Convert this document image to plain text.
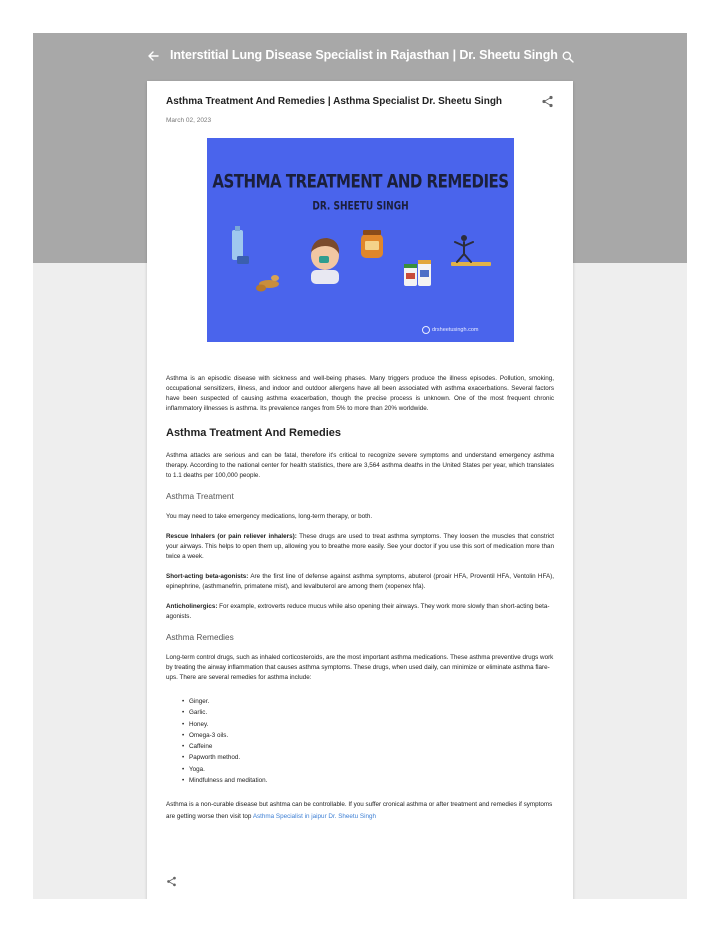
Interstitial Lung Disease Specialist in Rajasthan | Dr. Sheetu Singh
Asthma Treatment And Remedies | Asthma Specialist Dr. Sheetu Singh
March 02, 2023
ASTHMA TREATMENT AND REMEDIES
DR. SHEETU SINGH
drsheetusingh.com

Asthma is an episodic disease with sickness and well-being phases. Many triggers produce the illness episodes. Pollution, smoking, occupational sensitizers, illness, and indoor and outdoor allergens have all been associated with asthma exacerbations. Several factors have been suspected of causing asthma exacerbation, though the precise process is unknown. One of the most frequent chronic inflammatory illnesses is asthma. Its prevalence ranges from 5% to more than 20% worldwide.

Asthma Treatment And Remedies

Asthma attacks are serious and can be fatal, therefore it's critical to recognize severe symptoms and understand emergency asthma therapy. According to the national center for health statistics, there are 3,564 asthma deaths in the United States per year, which translates to 1.1 deaths per 100,000 people.

Asthma Treatment

You may need to take emergency medications, long-term therapy, or both.

Rescue Inhalers (or pain reliever inhalers): These drugs are used to treat asthma symptoms. They loosen the muscles that constrict your airways. This helps to open them up, allowing you to breathe more easily. See your doctor if you use this sort of medication more than twice a week.

Short-acting beta-agonists: Are the first line of defense against asthma symptoms, abuterol (proair HFA, Proventil HFA, Ventolin HFA), epinephrine, (asthmanefrin, primatene mist), and levalbuterol are among them (xopenex hfa).

Anticholinergics: For example, extroverts reduce mucus while also opening their airways. They work more slowly than short-acting beta-agonists.

Asthma Remedies

Long-term control drugs, such as inhaled corticosteroids, are the most important asthma medications. These asthma preventive drugs work by treating the airway inflammation that causes asthma symptoms. These drugs, when used daily, can minimize or eliminate asthma flare-ups. There are several remedies for asthma include:

• Ginger.
• Garlic.
• Honey.
• Omega-3 oils.
• Caffeine
• Papworth method.
• Yoga.
• Mindfulness and meditation.

Asthma is a non-curable disease but ashtma can be controllable. If you suffer cronical asthma or after treatment and remedies if symptoms are getting worse then visit top Asthma Specialist in jaipur Dr. Sheetu Singh
